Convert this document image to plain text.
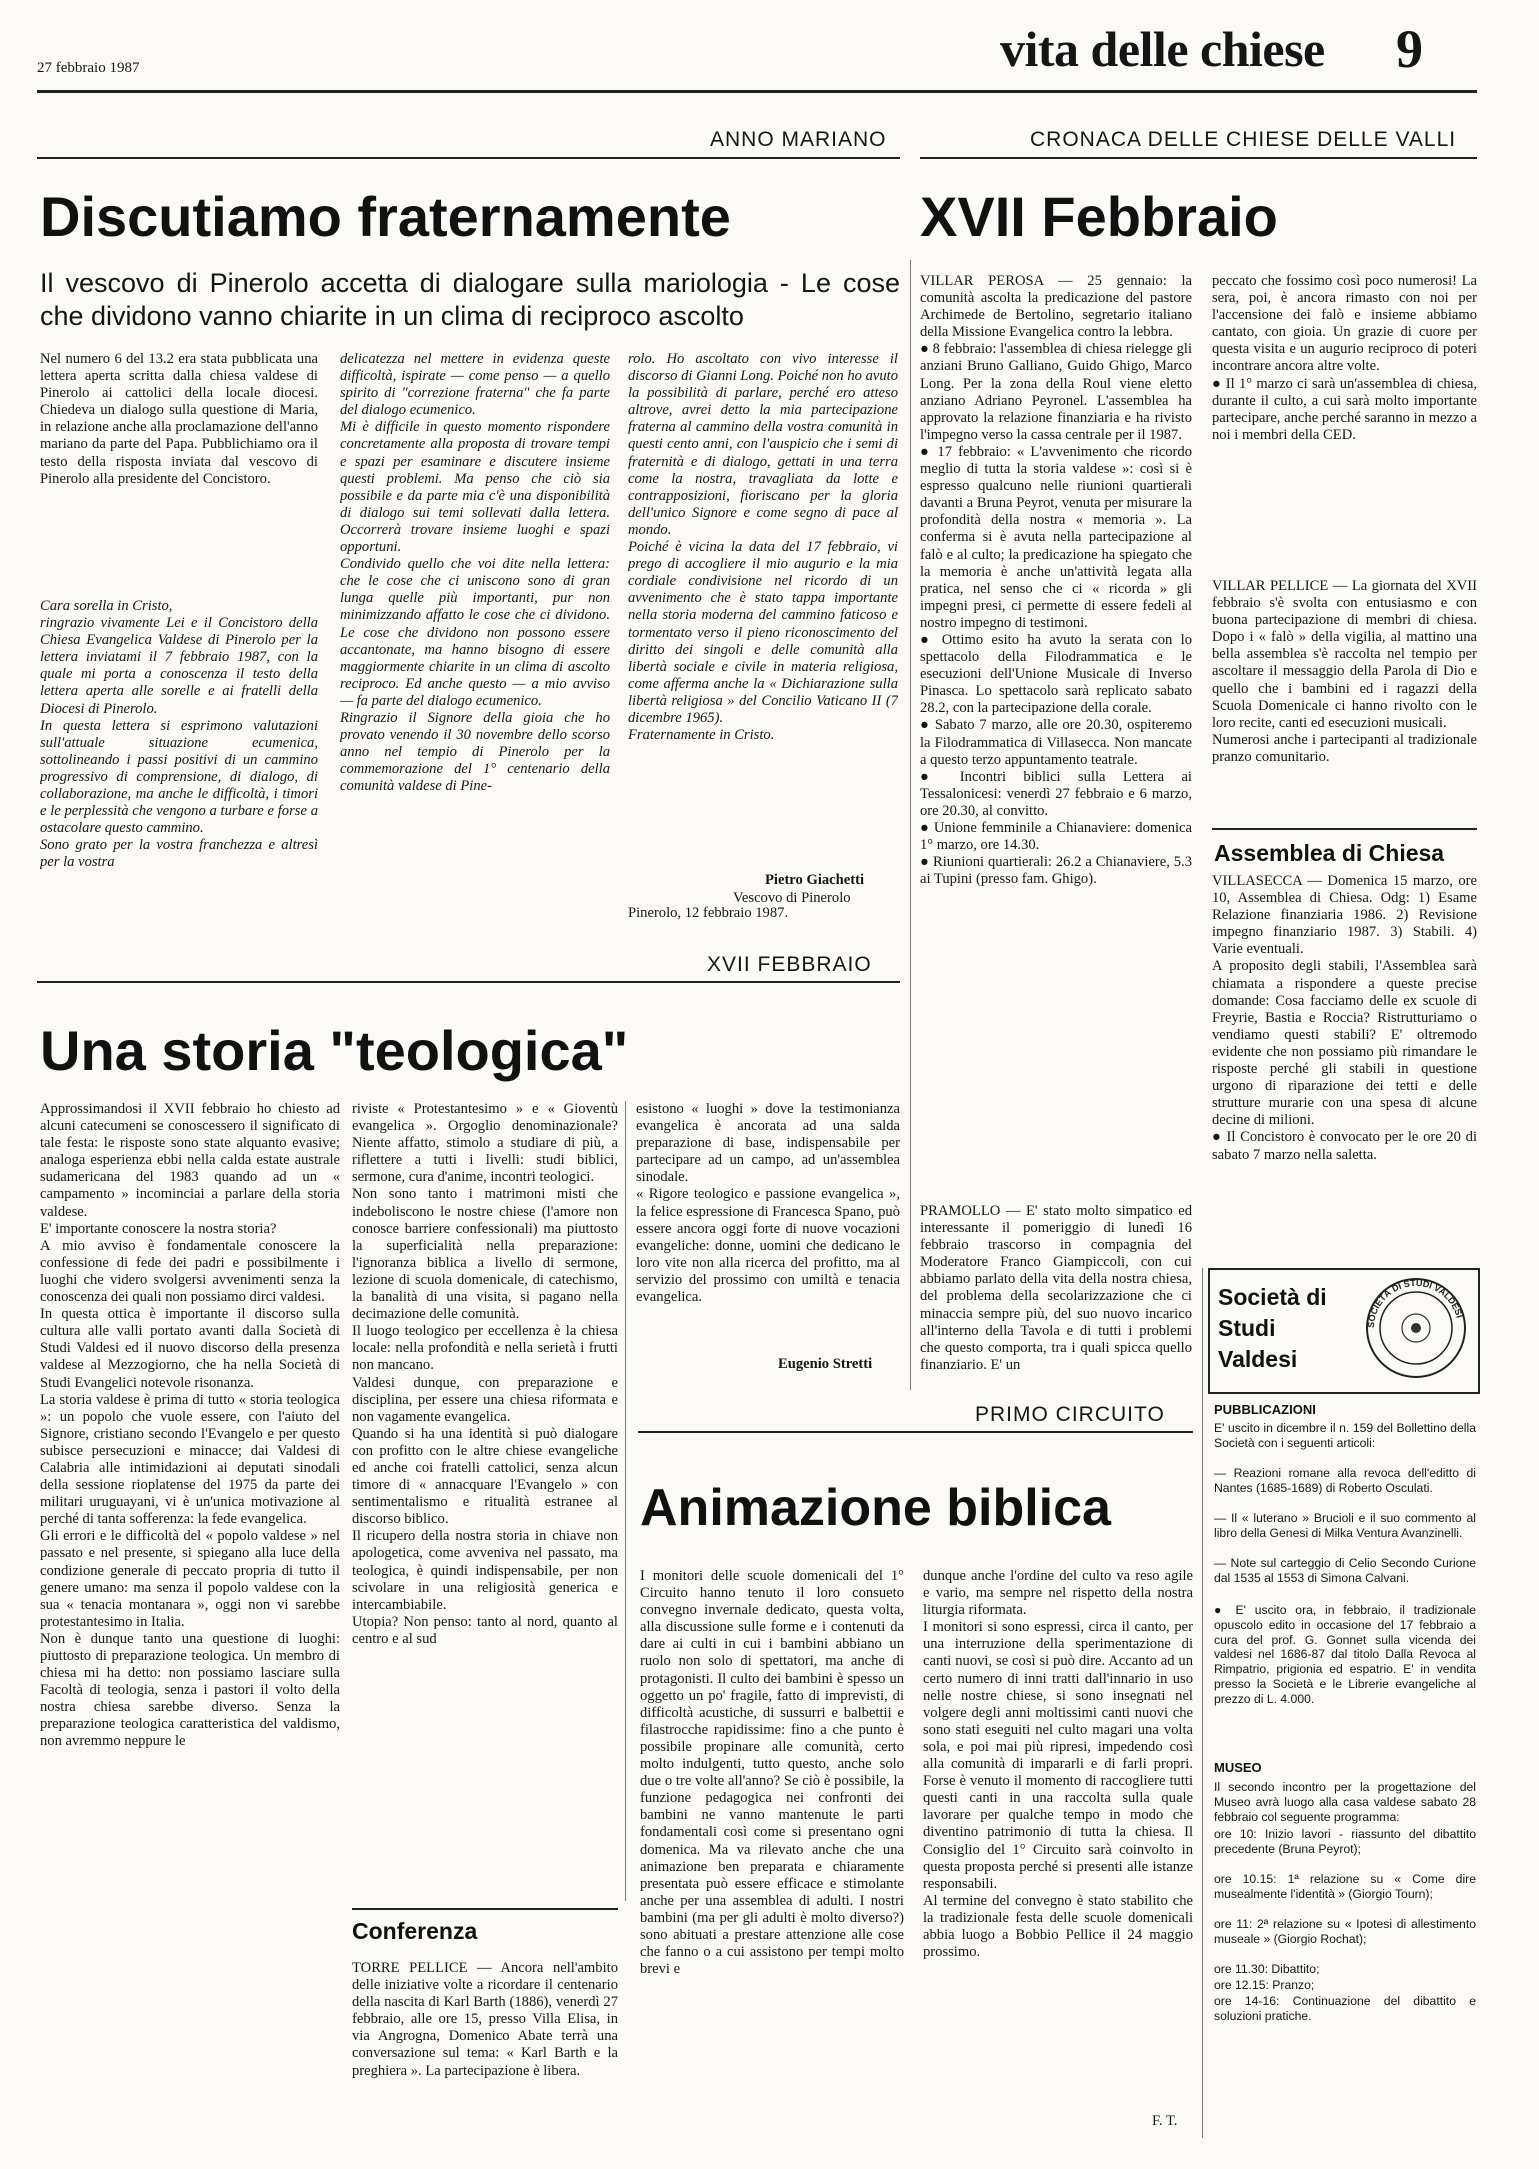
27 febbraio 1987	vita delle chiese 9
ANNO MARIANO
Discutiamo fraternamente

Il vescovo di Pinerolo accetta di dialogare sulla mariologia - Le cose che dividono vanno chiarite in un clima di reciproco ascolto

Nel numero 6 del 13.2 era stata pubblicata una lettera aperta scritta dalla chiesa valdese di Pinerolo ai cattolici della locale diocesi. Chiedeva un dialogo sulla questione di Maria, in relazione anche alla proclamazione dell'anno mariano da parte del Papa. Pubblichiamo ora il testo della risposta inviata dal vescovo di Pinerolo alla presidente del Concistoro.

Cara sorella in Cristo,
ringrazio vivamente Lei e il Concistoro della Chiesa Evangelica Valdese di Pinerolo per la lettera inviatami il 7 febbraio 1987, con la quale mi porta a conoscenza il testo della lettera aperta alle sorelle e ai fratelli della Diocesi di Pinerolo.
In questa lettera si esprimono valutazioni sull'attuale situazione ecumenica, sottolineando i passi positivi di un cammino progressivo di comprensione, di dialogo, di collaborazione, ma anche le difficoltà, i timori e le perplessità che vengono a turbare e forse a ostacolare questo cammino.
Sono grato per la vostra franchezza e altresì per la vostra

delicatezza nel mettere in evidenza queste difficoltà, ispirate — come penso — a quello spirito di "correzione fraterna" che fa parte del dialogo ecumenico.
Mi è difficile in questo momento rispondere concretamente alla proposta di trovare tempi e spazi per esaminare e discutere insieme questi problemi. Ma penso che ciò sia possibile e da parte mia c'è una disponibilità di dialogo sui temi sollevati dalla lettera. Occorrerà trovare insieme luoghi e spazi opportuni.
Condivido quello che voi dite nella lettera: che le cose che ci uniscono sono di gran lunga quelle più importanti, pur non minimizzando affatto le cose che ci dividono. Le cose che dividono non possono essere accantonate, ma hanno bisogno di essere maggiormente chiarite in un clima di ascolto reciproco. Ed anche questo — a mio avviso — fa parte del dialogo ecumenico.
Ringrazio il Signore della gioia che ho provato venendo il 30 novembre dello scorso anno nel tempio di Pinerolo per la commemorazione del 1° centenario della comunità valdese di Pine-

rolo. Ho ascoltato con vivo interesse il discorso di Gianni Long. Poiché non ho avuto la possibilità di parlare, perché ero atteso altrove, avrei detto la mia partecipazione fraterna al cammino della vostra comunità in questi cento anni, con l'auspicio che i semi di fraternità e di dialogo, gettati in una terra come la nostra, travagliata da lotte e contrapposizioni, fioriscano per la gloria dell'unico Signore e come segno di pace al mondo.
Poiché è vicina la data del 17 febbraio, vi prego di accogliere il mio augurio e la mia cordiale condivisione nel ricordo di un avvenimento che è stato tappa importante nella storia moderna del cammino faticoso e tormentato verso il pieno riconoscimento del diritto dei singoli e delle comunità alla libertà sociale e civile in materia religiosa, come afferma anche la « Dichiarazione sulla libertà religiosa » del Concilio Vaticano II (7 dicembre 1965).
Fraternamente in Cristo.

Pietro Giachetti
Vescovo di Pinerolo
Pinerolo, 12 febbraio 1987.
XVII FEBBRAIO
Una storia "teologica"

Approssimandosi il XVII febbraio ho chiesto ad alcuni catecumeni se conoscessero il significato di tale festa: le risposte sono state alquanto evasive; analoga esperienza ebbi nella calda estate australe sudamericana del 1983 quando ad un « campamento » incominciai a parlare della storia valdese.
E' importante conoscere la nostra storia?
A mio avviso è fondamentale conoscere la confessione di fede dei padri e possibilmente i luoghi che videro svolgersi avvenimenti senza la conoscenza dei quali non possiamo dirci valdesi.
In questa ottica è importante il discorso sulla cultura alle valli portato avanti dalla Società di Studi Valdesi ed il nuovo discorso della presenza valdese al Mezzogiorno, che ha nella Società di Studi Evangelici notevole risonanza.
La storia valdese è prima di tutto « storia teologica »: un popolo che vuole essere, con l'aiuto del Signore, cristiano secondo l'Evangelo e per questo subisce persecuzioni e minacce; dai Valdesi di Calabria alle intimidazioni ai deputati sinodali della sessione rioplatense del 1975 da parte dei militari uruguayani, vi è un'unica motivazione al perché di tanta sofferenza: la fede evangelica.
Gli errori e le difficoltà del « popolo valdese » nel passato e nel presente, si spiegano alla luce della condizione generale di peccato propria di tutto il genere umano: ma senza il popolo valdese con la sua « tenacia montanara », oggi non vi sarebbe protestantesimo in Italia.
Non è dunque tanto una questione di luoghi: piuttosto di preparazione teologica. Un membro di chiesa mi ha detto: non possiamo lasciare sulla Facoltà di teologia, senza i pastori il volto della nostra chiesa sarebbe diverso. Senza la preparazione teologica caratteristica del valdismo, non avremmo neppure le

riviste « Protestantesimo » e « Gioventù evangelica ». Orgoglio denominazionale? Niente affatto, stimolo a studiare di più, a riflettere a tutti i livelli: studi biblici, sermone, cura d'anime, incontri teologici.
Non sono tanto i matrimoni misti che indeboliscono le nostre chiese (l'amore non conosce barriere confessionali) ma piuttosto la superficialità nella preparazione: l'ignoranza biblica a livello di sermone, lezione di scuola domenicale, di catechismo, la banalità di una visita, si pagano nella decimazione delle comunità.
Il luogo teologico per eccellenza è la chiesa locale: nella profondità e nella serietà i frutti non mancano.
Valdesi dunque, con preparazione e disciplina, per essere una chiesa riformata e non vagamente evangelica.
Quando si ha una identità si può dialogare con profitto con le altre chiese evangeliche ed anche coi fratelli cattolici, senza alcun timore di « annacquare l'Evangelo » con sentimentalismo e ritualità estranee al discorso biblico.
Il ricupero della nostra storia in chiave non apologetica, come avveniva nel passato, ma teologica, è quindi indispensabile, per non scivolare in una religiosità generica e intercambiabile.
Utopia? Non penso: tanto al nord, quanto al centro e al sud

esistono « luoghi » dove la testimonianza evangelica è ancorata ad una salda preparazione di base, indispensabile per partecipare ad un campo, ad un'assemblea sinodale.
« Rigore teologico e passione evangelica », la felice espressione di Francesca Spano, può essere ancora oggi forte di nuove vocazioni evangeliche: donne, uomini che dedicano le loro vite non alla ricerca del profitto, ma al servizio del prossimo con umiltà e tenacia evangelica.

Eugenio Stretti
Conferenza

TORRE PELLICE — Ancora nell'ambito delle iniziative volte a ricordare il centenario della nascita di Karl Barth (1886), venerdì 27 febbraio, alle ore 15, presso Villa Elisa, in via Angrogna, Domenico Abate terrà una conversazione sul tema: « Karl Barth e la preghiera ». La partecipazione è libera.

CRONACA DELLE CHIESE DELLE VALLI
XVII Febbraio

VILLAR PEROSA — 25 gennaio: la comunità ascolta la predicazione del pastore Archimede de Bertolino, segretario italiano della Missione Evangelica contro la lebbra.
● 8 febbraio: l'assemblea di chiesa rielegge gli anziani Bruno Galliano, Guido Ghigo, Marco Long. Per la zona della Roul viene eletto anziano Adriano Peyronel. L'assemblea ha approvato la relazione finanziaria e ha rivisto l'impegno verso la cassa centrale per il 1987.
● 17 febbraio: « L'avvenimento che ricordo meglio di tutta la storia valdese »: così si è espresso qualcuno nelle riunioni quartierali davanti a Bruna Peyrot, venuta per misurare la profondità della nostra « memoria ». La conferma si è avuta nella partecipazione al falò e al culto; la predicazione ha spiegato che la memoria è anche un'attività legata alla pratica, nel senso che ci « ricorda » gli impegni presi, ci permette di essere fedeli al nostro impegno di testimoni.
● Ottimo esito ha avuto la serata con lo spettacolo della Filodrammatica e le esecuzioni dell'Unione Musicale di Inverso Pinasca. Lo spettacolo sarà replicato sabato 28.2, con la partecipazione della corale.
● Sabato 7 marzo, alle ore 20.30, ospiteremo la Filodrammatica di Villasecca. Non mancate a questo terzo appuntamento teatrale.
● Incontri biblici sulla Lettera ai Tessalonicesi: venerdì 27 febbraio e 6 marzo, ore 20.30, al convitto.
● Unione femminile a Chianaviere: domenica 1° marzo, ore 14.30.
● Riunioni quartierali: 26.2 a Chianaviere, 5.3 ai Tupini (presso fam. Ghigo).

PRAMOLLO — E' stato molto simpatico ed interessante il pomeriggio di lunedì 16 febbraio trascorso in compagnia del Moderatore Franco Giampiccoli, con cui abbiamo parlato della vita della nostra chiesa, del problema della secolarizzazione che ci minaccia sempre più, del suo nuovo incarico all'interno della Tavola e di tutti i problemi che questo comporta, tra i quali spicca quello finanziario. E' un

peccato che fossimo così poco numerosi! La sera, poi, è ancora rimasto con noi per l'accensione dei falò e insieme abbiamo cantato, con gioia. Un grazie di cuore per questa visita e un augurio reciproco di poteri incontrare ancora altre volte.
● Il 1° marzo ci sarà un'assemblea di chiesa, durante il culto, a cui sarà molto importante partecipare, anche perché saranno in mezzo a noi i membri della CED.

VILLAR PELLICE — La giornata del XVII febbraio s'è svolta con entusiasmo e con buona partecipazione di membri di chiesa. Dopo i « falò » della vigilia, al mattino una bella assemblea s'è raccolta nel tempio per ascoltare il messaggio della Parola di Dio e quello che i bambini ed i ragazzi della Scuola Domenicale ci hanno rivolto con le loro recite, canti ed esecuzioni musicali.
Numerosi anche i partecipanti al tradizionale pranzo comunitario.

Assemblea di Chiesa

VILLASECCA — Domenica 15 marzo, ore 10, Assemblea di Chiesa. Odg: 1) Esame Relazione finanziaria 1986. 2) Revisione impegno finanziario 1987. 3) Stabili. 4) Varie eventuali.
A proposito degli stabili, l'Assemblea sarà chiamata a rispondere a queste precise domande: Cosa facciamo delle ex scuole di Freyrie, Bastia e Roccia? Ristrutturiamo o vendiamo questi stabili? E' oltremodo evidente che non possiamo più rimandare le risposte perché gli stabili in questione urgono di riparazione dei tetti e delle strutture murarie con una spesa di alcune decine di milioni.
● Il Concistoro è convocato per le ore 20 di sabato 7 marzo nella saletta.

Società di Studi Valdesi
SOCIETÀ DI STUDI VALDESI
PUBBLICAZIONI

E' uscito in dicembre il n. 159 del Bollettino della Società con i seguenti articoli:

— Reazioni romane alla revoca dell'editto di Nantes (1685-1689) di Roberto Osculati.

— Il « luterano » Brucioli e il suo commento al libro della Genesi di Milka Ventura Avanzinelli.

— Note sul carteggio di Celio Secondo Curione dal 1535 al 1553 di Simona Calvani.

● E' uscito ora, in febbraio, il tradizionale opuscolo edito in occasione del 17 febbraio a cura del prof. G. Gonnet sulla vicenda dei valdesi nel 1686-87 dal titolo Dalla Revoca al Rimpatrio, prigionia ed espatrio. E' in vendita presso la Società e le Librerie evangeliche al prezzo di L. 4.000.

MUSEO

Il secondo incontro per la progettazione del Museo avrà luogo alla casa valdese sabato 28 febbraio col seguente programma:

ore 10: Inizio lavori - riassunto del dibattito precedente (Bruna Peyrot);

ore 10.15: 1ª relazione su « Come dire musealmente l'identità » (Giorgio Tourn);

ore 11: 2ª relazione su « Ipotesi di allestimento museale » (Giorgio Rochat);

ore 11.30: Dibattito;

ore 12.15: Pranzo;

ore 14-16: Continuazione del dibattito e soluzioni pratiche.

PRIMO CIRCUITO
Animazione biblica

I monitori delle scuole domenicali del 1° Circuito hanno tenuto il loro consueto convegno invernale dedicato, questa volta, alla discussione sulle forme e i contenuti da dare ai culti in cui i bambini abbiano un ruolo non solo di spettatori, ma anche di protagonisti. Il culto dei bambini è spesso un oggetto un po' fragile, fatto di imprevisti, di difficoltà acustiche, di sussurri e balbettii e filastrocche rapidissime: fino a che punto è possibile propinare alle comunità, certo molto indulgenti, tutto questo, anche solo due o tre volte all'anno? Se ciò è possibile, la funzione pedagogica nei confronti dei bambini ne vanno mantenute le parti fondamentali così come si presentano ogni domenica. Ma va rilevato anche che una animazione ben preparata e chiaramente presentata può essere efficace e stimolante anche per una assemblea di adulti. I nostri bambini (ma per gli adulti è molto diverso?) sono abituati a prestare attenzione alle cose che fanno o a cui assistono per tempi molto brevi e

dunque anche l'ordine del culto va reso agile e vario, ma sempre nel rispetto della nostra liturgia riformata.
I monitori si sono espressi, circa il canto, per una interruzione della sperimentazione di canti nuovi, se così si può dire. Accanto ad un certo numero di inni tratti dall'innario in uso nelle nostre chiese, si sono insegnati nel volgere degli anni moltissimi canti nuovi che sono stati eseguiti nel culto magari una volta sola, e poi mai più ripresi, impedendo così alla comunità di impararli e di farli propri. Forse è venuto il momento di raccogliere tutti questi canti in una raccolta sulla quale lavorare per qualche tempo in modo che diventino patrimonio di tutta la chiesa. Il Consiglio del 1° Circuito sarà coinvolto in questa proposta perché si presenti alle istanze responsabili.
Al termine del convegno è stato stabilito che la tradizionale festa delle scuole domenicali abbia luogo a Bobbio Pellice il 24 maggio prossimo.

F. T.
